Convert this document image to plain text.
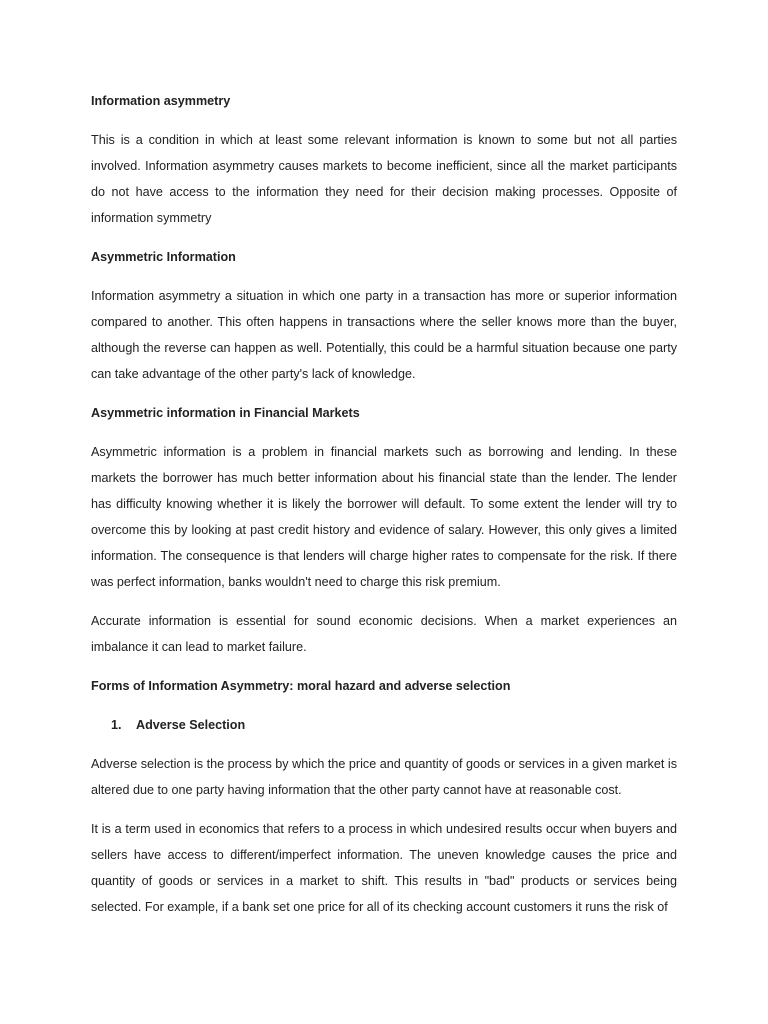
Information asymmetry

This is a condition in which at least some relevant information is known to some but not all parties involved. Information asymmetry causes markets to become inefficient, since all the market participants do not have access to the information they need for their decision making processes. Opposite of information symmetry

Asymmetric Information

Information asymmetry a situation in which one party in a transaction has more or superior information compared to another. This often happens in transactions where the seller knows more than the buyer, although the reverse can happen as well. Potentially, this could be a harmful situation because one party can take advantage of the other party's lack of knowledge.

Asymmetric information in Financial Markets

Asymmetric information is a problem in financial markets such as borrowing and lending. In these markets the borrower has much better information about his financial state than the lender. The lender has difficulty knowing whether it is likely the borrower will default. To some extent the lender will try to overcome this by looking at past credit history and evidence of salary. However, this only gives a limited information. The consequence is that lenders will charge higher rates to compensate for the risk. If there was perfect information, banks wouldn't need to charge this risk premium.

Accurate information is essential for sound economic decisions. When a market experiences an imbalance it can lead to market failure.

Forms of Information Asymmetry: moral hazard and adverse selection
1.	Adverse Selection

Adverse selection is the process by which the price and quantity of goods or services in a given market is altered due to one party having information that the other party cannot have at reasonable cost.

It is a term used in economics that refers to a process in which undesired results occur when buyers and sellers have access to different/imperfect information. The uneven knowledge causes the price and quantity of goods or services in a market to shift. This results in "bad" products or services being selected. For example, if a bank set one price for all of its checking account customers it runs the risk of
